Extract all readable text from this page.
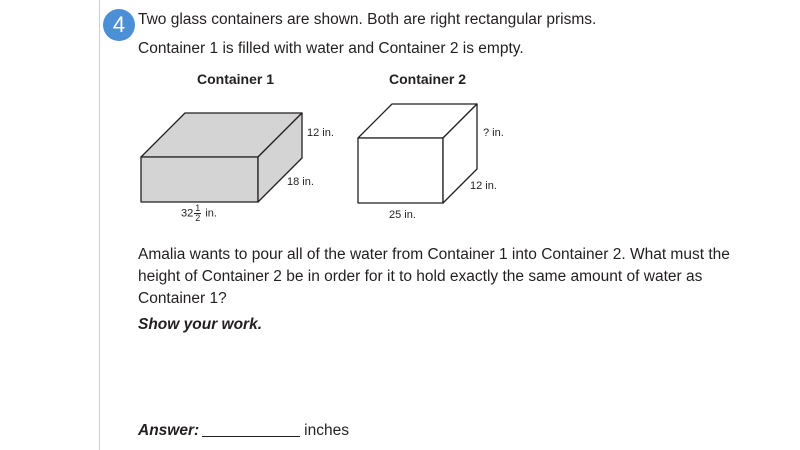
4 Two glass containers are shown. Both are right rectangular prisms.
Container 1 is filled with water and Container 2 is empty.
Container 1	Container 2
12 in.
18 in.
$32 \frac{1}{2}$ in.
? in.
12 in.
25 in.
Amalia wants to pour all of the water from Container 1 into Container 2. What must the height of Container 2 be in order for it to hold exactly the same amount of water as Container 1?
Show your work.
Answer:	inches
